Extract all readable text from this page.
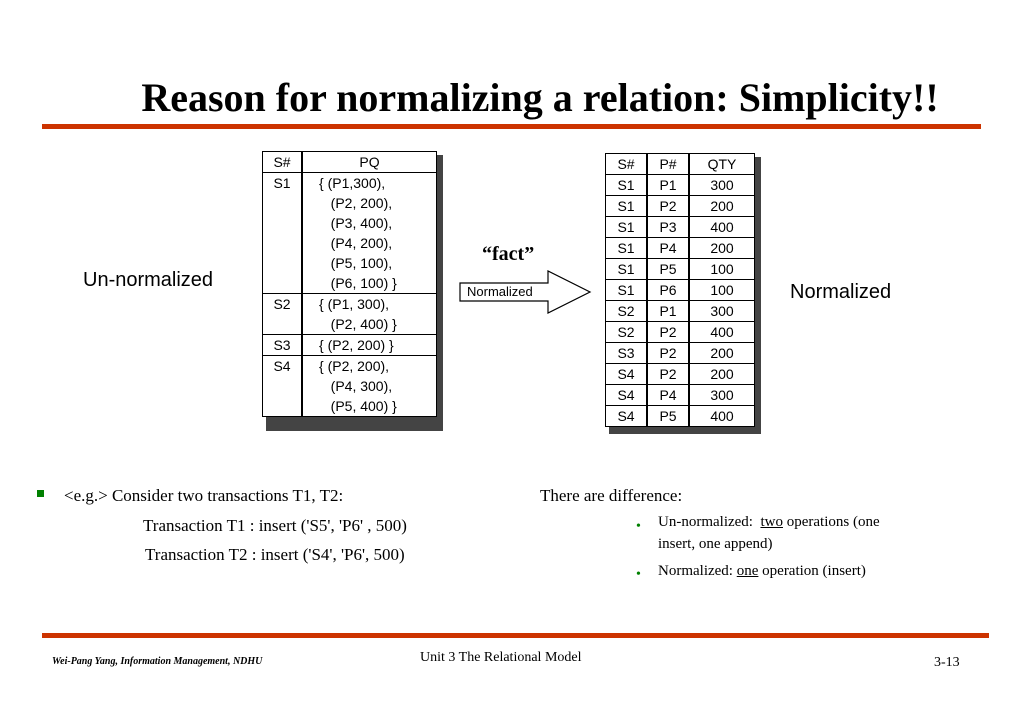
Reason for normalizing a relation: Simplicity!!
Un-normalized
Normalized
“fact”
Normalized
S#	PQ
S1	{ (P1,300),
	(P2, 200),
	(P3, 400),
	(P4, 200),
	(P5, 100),
	(P6, 100) }
S2	{ (P1, 300),
	(P2, 400) }
S3	{ (P2, 200) }
S4	{ (P2, 200),
	(P4, 300),
	(P5, 400) }
S#	P#	QTY
S1	P1	300
S1	P2	200
S1	P3	400
S1	P4	200
S1	P5	100
S1	P6	100
S2	P1	300
S2	P2	400
S3	P2	200
S4	P2	200
S4	P4	300
S4	P5	400
<e.g.> Consider two transactions T1, T2:
Transaction T1 : insert ('S5', 'P6' , 500)
Transaction T2 : insert ('S4', 'P6', 500)
There are difference:
• Un-normalized:  two operations (one
insert, one append)
• Normalized: one operation (insert)
Wei-Pang Yang, Information Management, NDHU	Unit 3 The Relational Model	3-13
